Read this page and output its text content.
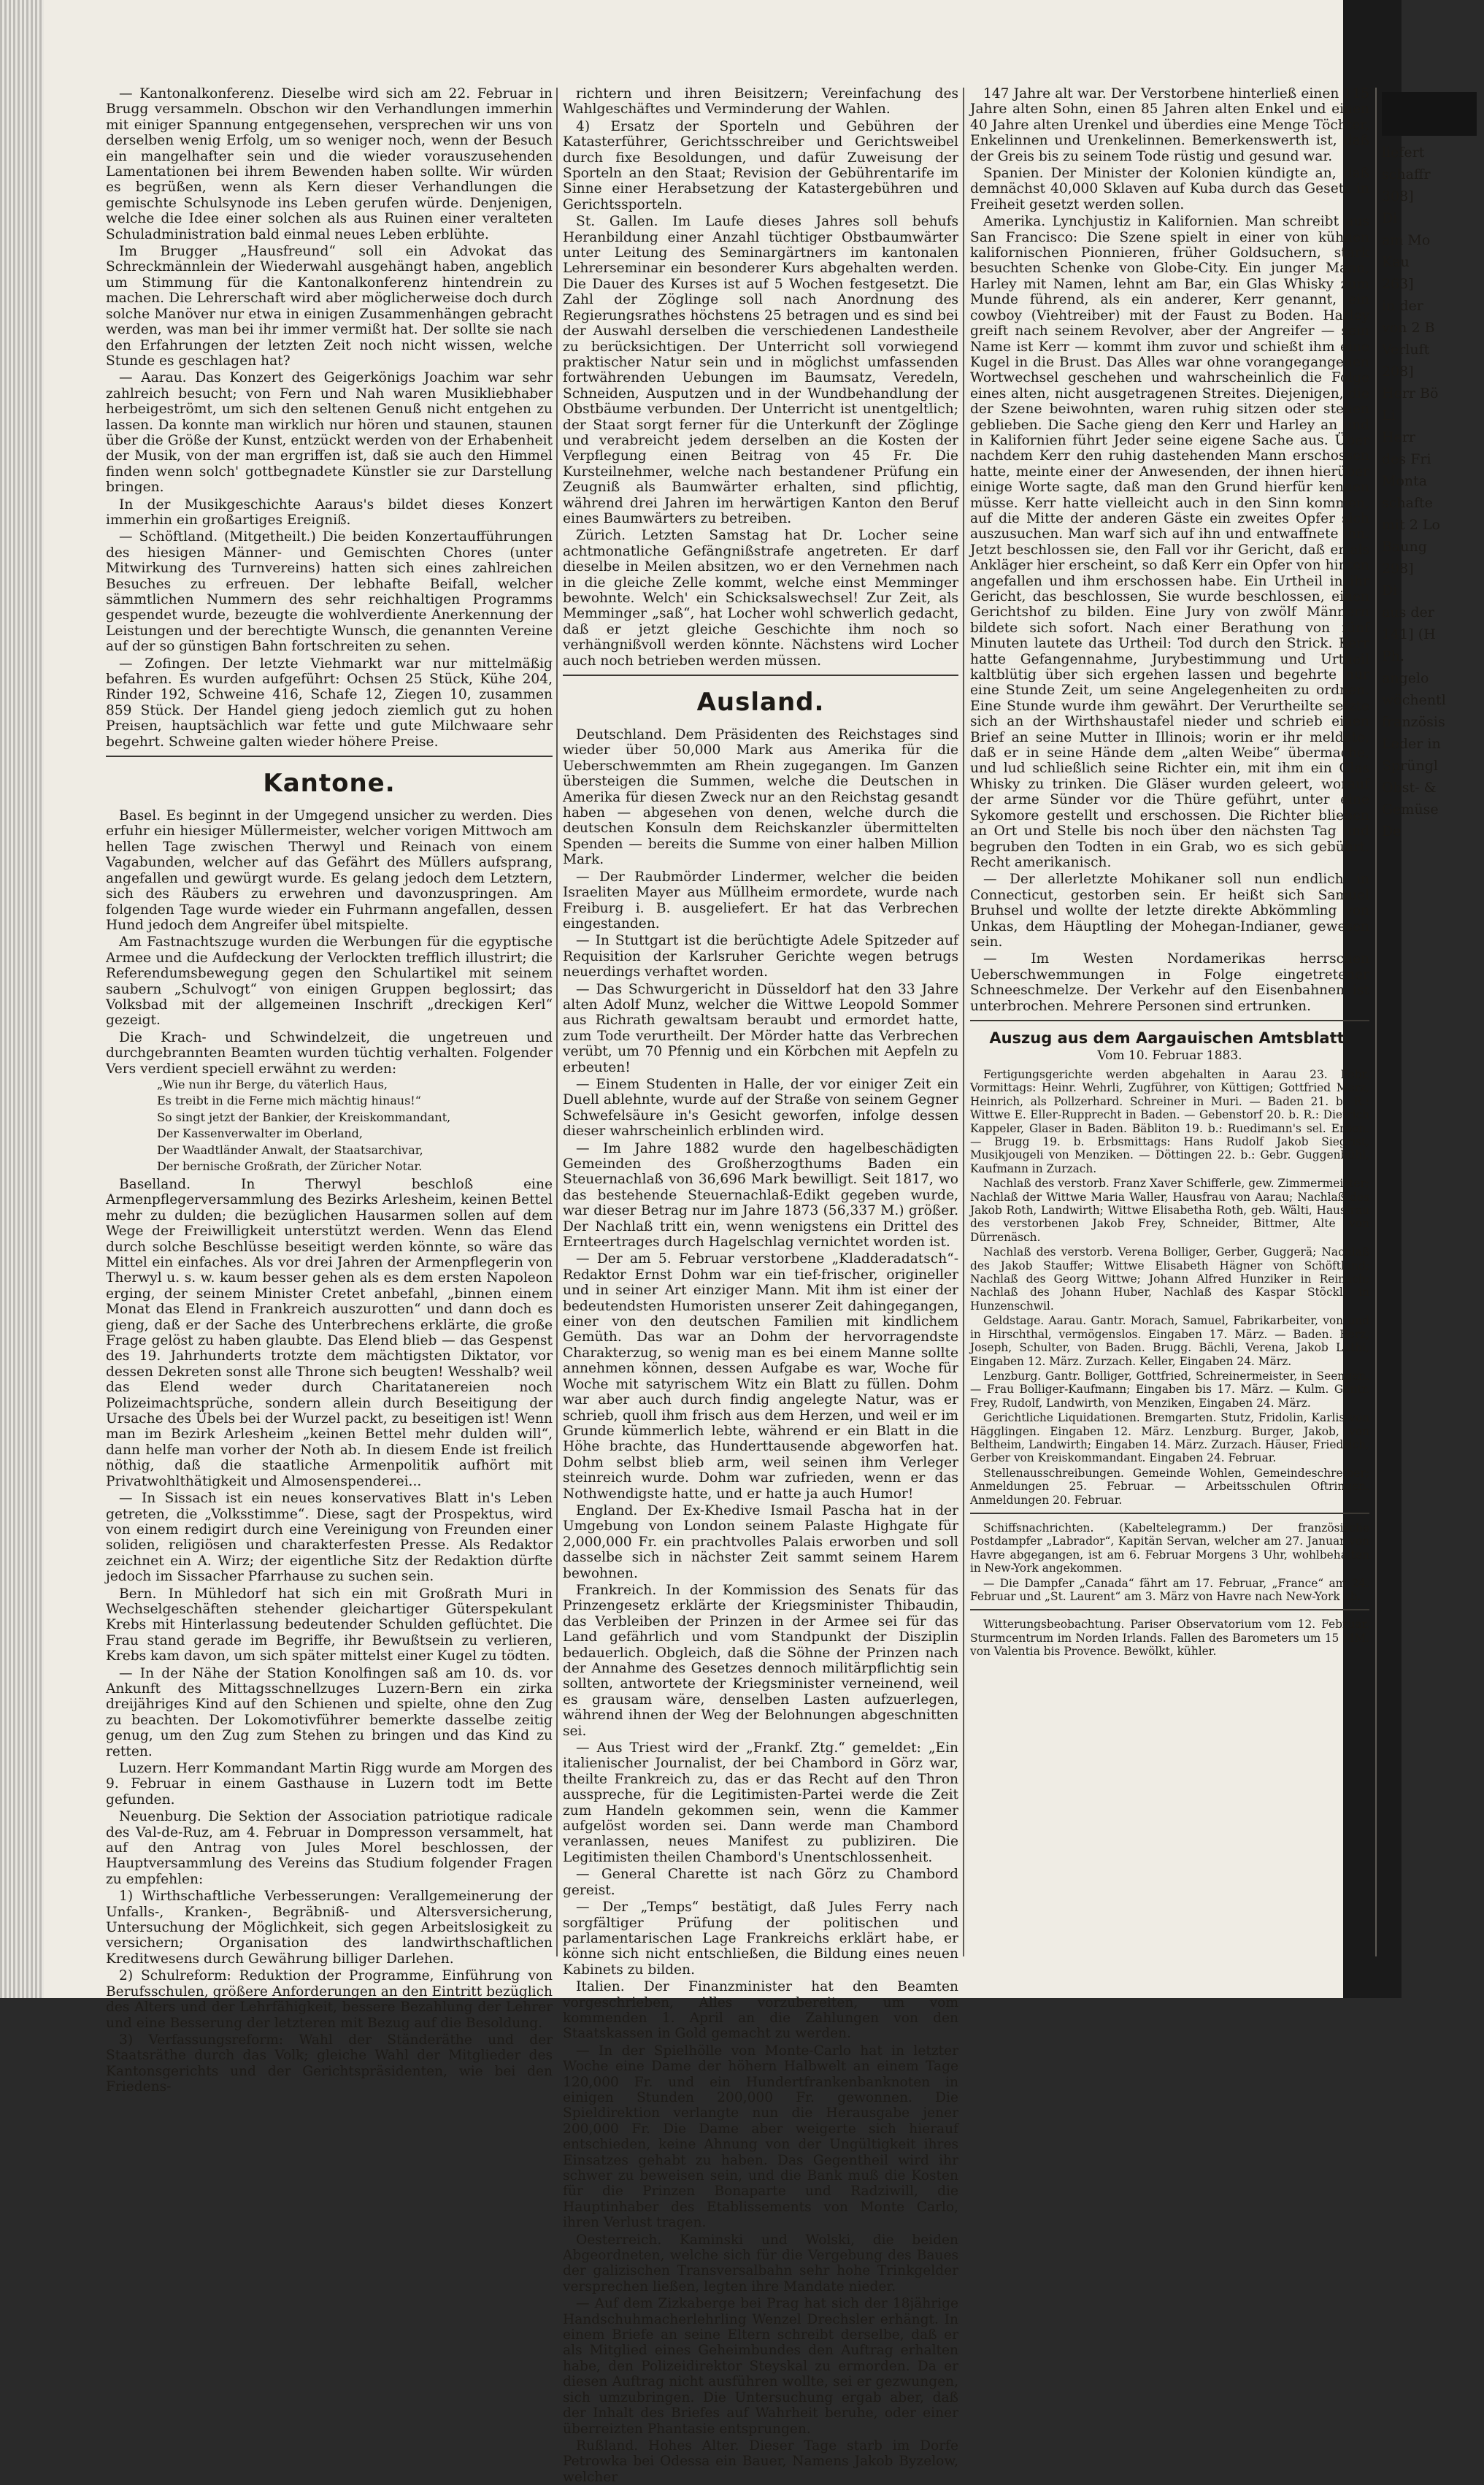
— Kantonalkonferenz. Dieselbe wird sich am 22. Februar in Brugg versammeln. Obschon wir den Verhandlungen immerhin mit einiger Spannung entgegensehen, versprechen wir uns von derselben wenig Erfolg, um so weniger noch, wenn der Besuch ein mangelhafter sein und die wieder vorauszusehenden Lamentationen bei ihrem Bewenden haben sollte. Wir würden es begrüßen, wenn als Kern dieser Verhandlungen die gemischte Schulsynode ins Leben gerufen würde. Denjenigen, welche die Idee einer solchen als aus Ruinen einer veralteten Schuladministration bald einmal neues Leben erblühte.

Im Brugger „Hausfreund“ soll ein Advokat das Schreckmännlein der Wiederwahl ausgehängt haben, angeblich um Stimmung für die Kantonalkonferenz hintendrein zu machen. Die Lehrerschaft wird aber möglicherweise doch durch solche Manöver nur etwa in einigen Zusammenhängen gebracht werden, was man bei ihr immer vermißt hat. Der sollte sie nach den Erfahrungen der letzten Zeit noch nicht wissen, welche Stunde es geschlagen hat?

— Aarau. Das Konzert des Geigerkönigs Joachim war sehr zahlreich besucht; von Fern und Nah waren Musikliebhaber herbeigeströmt, um sich den seltenen Genuß nicht entgehen zu lassen. Da konnte man wirklich nur hören und staunen, staunen über die Größe der Kunst, entzückt werden von der Erhabenheit der Musik, von der man ergriffen ist, daß sie auch den Himmel finden wenn solch' gottbegnadete Künstler sie zur Darstellung bringen.

In der Musikgeschichte Aaraus's bildet dieses Konzert immerhin ein großartiges Ereigniß.

— Schöftland. (Mitgetheilt.) Die beiden Konzertaufführungen des hiesigen Männer- und Gemischten Chores (unter Mitwirkung des Turnvereins) hatten sich eines zahlreichen Besuches zu erfreuen. Der lebhafte Beifall, welcher sämmtlichen Nummern des sehr reichhaltigen Programms gespendet wurde, bezeugte die wohlverdiente Anerkennung der Leistungen und der berechtigte Wunsch, die genannten Vereine auf der so günstigen Bahn fortschreiten zu sehen.

— Zofingen. Der letzte Viehmarkt war nur mittelmäßig befahren. Es wurden aufgeführt: Ochsen 25 Stück, Kühe 204, Rinder 192, Schweine 416, Schafe 12, Ziegen 10, zusammen 859 Stück. Der Handel gieng jedoch ziemlich gut zu hohen Preisen, hauptsächlich war fette und gute Milchwaare sehr begehrt. Schweine galten wieder höhere Preise.

Kantone.

Basel. Es beginnt in der Umgegend unsicher zu werden. Dies erfuhr ein hiesiger Müllermeister, welcher vorigen Mittwoch am hellen Tage zwischen Therwyl und Reinach von einem Vagabunden, welcher auf das Gefährt des Müllers aufsprang, angefallen und gewürgt wurde. Es gelang jedoch dem Letztern, sich des Räubers zu erwehren und davonzuspringen. Am folgenden Tage wurde wieder ein Fuhrmann angefallen, dessen Hund jedoch dem Angreifer übel mitspielte.

Am Fastnachtszuge wurden die Werbungen für die egyptische Armee und die Aufdeckung der Verlockten trefflich illustrirt; die Referendumsbewegung gegen den Schulartikel mit seinem saubern „Schulvogt“ von einigen Gruppen beglossirt; das Volksbad mit der allgemeinen Inschrift „dreckigen Kerl“ gezeigt.

Die Krach- und Schwindelzeit, die ungetreuen und durchgebrannten Beamten wurden tüchtig verhalten. Folgender Vers verdient speciell erwähnt zu werden:

„Wie nun ihr Berge, du väterlich Haus,
Es treibt in die Ferne mich mächtig hinaus!“
So singt jetzt der Bankier, der Kreiskommandant,
Der Kassenverwalter im Oberland,
Der Waadtländer Anwalt, der Staatsarchivar,
Der bernische Großrath, der Züricher Notar.

Baselland. In Therwyl beschloß eine Armenpflegerversammlung des Bezirks Arlesheim, keinen Bettel mehr zu dulden; die bezüglichen Hausarmen sollen auf dem Wege der Freiwilligkeit unterstützt werden. Wenn das Elend durch solche Beschlüsse beseitigt werden könnte, so wäre das Mittel ein einfaches. Als vor drei Jahren der Armenpflegerin von Therwyl u. s. w. kaum besser gehen als es dem ersten Napoleon erging, der seinem Minister Cretet anbefahl, „binnen einem Monat das Elend in Frankreich auszurotten“ und dann doch es gieng, daß er der Sache des Unterbrechens erklärte, die große Frage gelöst zu haben glaubte. Das Elend blieb — das Gespenst des 19. Jahrhunderts trotzte dem mächtigsten Diktator, vor dessen Dekreten sonst alle Throne sich beugten! Wesshalb? weil das Elend weder durch Charitatanereien noch Polizeimachtsprüche, sondern allein durch Beseitigung der Ursache des Übels bei der Wurzel packt, zu beseitigen ist! Wenn man im Bezirk Arlesheim „keinen Bettel mehr dulden will“, dann helfe man vorher der Noth ab. In diesem Ende ist freilich nöthig, daß die staatliche Armenpolitik aufhört mit Privatwohlthätigkeit und Almosenspenderei...

— In Sissach ist ein neues konservatives Blatt in's Leben getreten, die „Volksstimme“. Diese, sagt der Prospektus, wird von einem redigirt durch eine Vereinigung von Freunden einer soliden, religiösen und charakterfesten Presse. Als Redaktor zeichnet ein A. Wirz; der eigentliche Sitz der Redaktion dürfte jedoch im Sissacher Pfarrhause zu suchen sein.

Bern. In Mühledorf hat sich ein mit Großrath Muri in Wechselgeschäften stehender gleichartiger Güterspekulant Krebs mit Hinterlassung bedeutender Schulden geflüchtet. Die Frau stand gerade im Begriffe, ihr Bewußtsein zu verlieren, Krebs kam davon, um sich später mittelst einer Kugel zu tödten.

— In der Nähe der Station Konolfingen saß am 10. ds. vor Ankunft des Mittagsschnellzuges Luzern-Bern ein zirka dreijähriges Kind auf den Schienen und spielte, ohne den Zug zu beachten. Der Lokomotivführer bemerkte dasselbe zeitig genug, um den Zug zum Stehen zu bringen und das Kind zu retten.

Luzern. Herr Kommandant Martin Rigg wurde am Morgen des 9. Februar in einem Gasthause in Luzern todt im Bette gefunden.

Neuenburg. Die Sektion der Association patriotique radicale des Val-de-Ruz, am 4. Februar in Dompresson versammelt, hat auf den Antrag von Jules Morel beschlossen, der Hauptversammlung des Vereins das Studium folgender Fragen zu empfehlen:

1) Wirthschaftliche Verbesserungen: Verallgemeinerung der Unfalls-, Kranken-, Begräbniß- und Altersversicherung, Untersuchung der Möglichkeit, sich gegen Arbeitslosigkeit zu versichern; Organisation des landwirthschaftlichen Kreditwesens durch Gewährung billiger Darlehen.

2) Schulreform: Reduktion der Programme, Einführung von Berufsschulen, größere Anforderungen an den Eintritt bezüglich des Alters und der Lehrfähigkeit, bessere Bezahlung der Lehrer und eine Besserung der letzteren mit Bezug auf die Besoldung.

3) Verfassungsreform: Wahl der Ständeräthe und der Staatsräthe durch das Volk; gleiche Wahl der Mitglieder des Kantonsgerichts und der Gerichtspräsidenten, wie bei den Friedens-

richtern und ihren Beisitzern; Vereinfachung des Wahlgeschäftes und Verminderung der Wahlen.

4) Ersatz der Sporteln und Gebühren der Katasterführer, Gerichtsschreiber und Gerichtsweibel durch fixe Besoldungen, und dafür Zuweisung der Sporteln an den Staat; Revision der Gebührentarife im Sinne einer Herabsetzung der Katastergebühren und Gerichtssporteln.

St. Gallen. Im Laufe dieses Jahres soll behufs Heranbildung einer Anzahl tüchtiger Obstbaumwärter unter Leitung des Seminargärtners im kantonalen Lehrerseminar ein besonderer Kurs abgehalten werden. Die Dauer des Kurses ist auf 5 Wochen festgesetzt. Die Zahl der Zöglinge soll nach Anordnung des Regierungsrathes höchstens 25 betragen und es sind bei der Auswahl derselben die verschiedenen Landestheile zu berücksichtigen. Der Unterricht soll vorwiegend praktischer Natur sein und in möglichst umfassenden fortwährenden Uebungen im Baumsatz, Veredeln, Schneiden, Ausputzen und in der Wundbehandlung der Obstbäume verbunden. Der Unterricht ist unentgeltlich; der Staat sorgt ferner für die Unterkunft der Zöglinge und verabreicht jedem derselben an die Kosten der Verpflegung einen Beitrag von 45 Fr. Die Kursteilnehmer, welche nach bestandener Prüfung ein Zeugniß als Baumwärter erhalten, sind pflichtig, während drei Jahren im herwärtigen Kanton den Beruf eines Baumwärters zu betreiben.

Zürich. Letzten Samstag hat Dr. Locher seine achtmonatliche Gefängnißstrafe angetreten. Er darf dieselbe in Meilen absitzen, wo er den Vernehmen nach in die gleiche Zelle kommt, welche einst Memminger bewohnte. Welch' ein Schicksalswechsel! Zur Zeit, als Memminger „saß“, hat Locher wohl schwerlich gedacht, daß er jetzt gleiche Geschichte ihm noch so verhängnißvoll werden könnte. Nächstens wird Locher auch noch betrieben werden müssen.

Ausland.

Deutschland. Dem Präsidenten des Reichstages sind wieder über 50,000 Mark aus Amerika für die Ueberschwemmten am Rhein zugegangen. Im Ganzen übersteigen die Summen, welche die Deutschen in Amerika für diesen Zweck nur an den Reichstag gesandt haben — abgesehen von denen, welche durch die deutschen Konsuln dem Reichskanzler übermittelten Spenden — bereits die Summe von einer halben Million Mark.

— Der Raubmörder Lindermer, welcher die beiden Israeliten Mayer aus Müllheim ermordete, wurde nach Freiburg i. B. ausgeliefert. Er hat das Verbrechen eingestanden.

— In Stuttgart ist die berüchtigte Adele Spitzeder auf Requisition der Karlsruher Gerichte wegen betrugs neuerdings verhaftet worden.

— Das Schwurgericht in Düsseldorf hat den 33 Jahre alten Adolf Munz, welcher die Wittwe Leopold Sommer aus Richrath gewaltsam beraubt und ermordet hatte, zum Tode verurtheilt. Der Mörder hatte das Verbrechen verübt, um 70 Pfennig und ein Körbchen mit Aepfeln zu erbeuten!

— Einem Studenten in Halle, der vor einiger Zeit ein Duell ablehnte, wurde auf der Straße von seinem Gegner Schwefelsäure in's Gesicht geworfen, infolge dessen dieser wahrscheinlich erblinden wird.

— Im Jahre 1882 wurde den hagelbeschädigten Gemeinden des Großherzogthums Baden ein Steuernachlaß von 36,696 Mark bewilligt. Seit 1817, wo das bestehende Steuernachlaß-Edikt gegeben wurde, war dieser Betrag nur im Jahre 1873 (56,337 M.) größer. Der Nachlaß tritt ein, wenn wenigstens ein Drittel des Ernteertrages durch Hagelschlag vernichtet worden ist.

— Der am 5. Februar verstorbene „Kladderadatsch“-Redaktor Ernst Dohm war ein tief-frischer, origineller und in seiner Art einziger Mann. Mit ihm ist einer der bedeutendsten Humoristen unserer Zeit dahingegangen, einer von den deutschen Familien mit kindlichem Gemüth. Das war an Dohm der hervorragendste Charakterzug, so wenig man es bei einem Manne sollte annehmen können, dessen Aufgabe es war, Woche für Woche mit satyrischem Witz ein Blatt zu füllen. Dohm war aber auch durch findig angelegte Natur, was er schrieb, quoll ihm frisch aus dem Herzen, und weil er im Grunde kümmerlich lebte, während er ein Blatt in die Höhe brachte, das Hunderttausende abgeworfen hat. Dohm selbst blieb arm, weil seinen ihm Verleger steinreich wurde. Dohm war zufrieden, wenn er das Nothwendigste hatte, und er hatte ja auch Humor!

England. Der Ex-Khedive Ismail Pascha hat in der Umgebung von London seinem Palaste Highgate für 2,000,000 Fr. ein prachtvolles Palais erworben und soll dasselbe sich in nächster Zeit sammt seinem Harem bewohnen.

Frankreich. In der Kommission des Senats für das Prinzengesetz erklärte der Kriegsminister Thibaudin, das Verbleiben der Prinzen in der Armee sei für das Land gefährlich und vom Standpunkt der Disziplin bedauerlich. Obgleich, daß die Söhne der Prinzen nach der Annahme des Gesetzes dennoch militärpflichtig sein sollten, antwortete der Kriegsminister verneinend, weil es grausam wäre, denselben Lasten aufzuerlegen, während ihnen der Weg der Belohnungen abgeschnitten sei.

— Aus Triest wird der „Frankf. Ztg.“ gemeldet: „Ein italienischer Journalist, der bei Chambord in Görz war, theilte Frankreich zu, das er das Recht auf den Thron ausspreche, für die Legitimisten-Partei werde die Zeit zum Handeln gekommen sein, wenn die Kammer aufgelöst worden sei. Dann werde man Chambord veranlassen, neues Manifest zu publiziren. Die Legitimisten theilen Chambord's Unentschlossenheit.

— General Charette ist nach Görz zu Chambord gereist.

— Der „Temps“ bestätigt, daß Jules Ferry nach sorgfältiger Prüfung der politischen und parlamentarischen Lage Frankreichs erklärt habe, er könne sich nicht entschließen, die Bildung eines neuen Kabinets zu bilden.

Italien. Der Finanzminister hat den Beamten vorgeschrieben, Alles vorzubereiten, um vom kommenden 1. April an die Zahlungen von den Staatskassen in Gold gemacht zu werden.

— In der Spielhölle von Monte-Carlo hat in letzter Woche eine Dame der höhern Halbwelt an einem Tage 120,000 Fr. und ein Hundertfrankenbanknoten in einigen Stunden 200,000 Fr. gewonnen. Die Spieldirektion verlangte nun die Herausgabe jener 200,000 Fr. Die Dame aber weigerte sich hierauf entschieden, keine Ahnung von der Ungültigkeit ihres Einsatzes gehabt zu haben. Das Gegentheil wird ihr schwer zu beweisen sein, und die Bank muß die Kosten für die Prinzen Bonaparte und Radziwill, die Hauptinhaber des Etablissements von Monte Carlo, ihren Verlust tragen.

Oesterreich. Kaminski und Wolski, die beiden Abgeordneten, welche sich für die Vergebung des Baues der galizischen Transversalbahn sehr hohe Trinkgelder versprechen ließen, legten ihre Mandate nieder.

— Auf dem Zizkaberge bei Prag hat sich der 18jährige Handschuhmacherlehrling Wenzel Drechsler erhängt. In einem Briefe an seine Eltern schreibt derselbe, daß er als Mitglied eines Geheimbundes den Auftrag erhalten habe, den Polizeidirektor Steyskal zu ermorden. Da er diesen Auftrag nicht ausführen wollte, sei er gezwungen, sich umzubringen. Die Untersuchung ergab aber, daß der Inhalt des Briefes auf Wahrheit beruhe, oder einer überreizten Phantasie entsprungen.

Rußland. Hohes Alter. Dieser Tage starb im Dorfe Petrowka bei Odessa ein Bauer, Namens Jakob Byzelow, welcher

147 Jahre alt war. Der Verstorbene hinterließ einen 115 Jahre alten Sohn, einen 85 Jahren alten Enkel und einen 40 Jahre alten Urenkel und überdies eine Menge Töchter, Enkelinnen und Urenkelinnen. Bemerkenswerth ist, daß der Greis bis zu seinem Tode rüstig und gesund war.

Spanien. Der Minister der Kolonien kündigte an, daß demnächst 40,000 Sklaven auf Kuba durch das Gesetz in Freiheit gesetzt werden sollen.

Amerika. Lynchjustiz in Kalifornien. Man schreibt aus San Francisco: Die Szene spielt in einer von kühnen kalifornischen Pionnieren, früher Goldsuchern, stark besuchten Schenke von Globe-City. Ein junger Mann, Harley mit Namen, lehnt am Bar, ein Glas Whisky zum Munde führend, als ein anderer, Kerr genannt, ein cowboy (Viehtreiber) mit der Faust zu Boden. Harley greift nach seinem Revolver, aber der Angreifer — sein Name ist Kerr — kommt ihm zuvor und schießt ihm eine Kugel in die Brust. Das Alles war ohne vorangegangenen Wortwechsel geschehen und wahrscheinlich die Folge eines alten, nicht ausgetragenen Streites. Diejenigen, die der Szene beiwohnten, waren ruhig sitzen oder stehen geblieben. Die Sache gieng den Kerr und Harley an und in Kalifornien führt Jeder seine eigene Sache aus. Über nachdem Kerr den ruhig dastehenden Mann erschossen hatte, meinte einer der Anwesenden, der ihnen hierüber einige Worte sagte, daß man den Grund hierfür kennen müsse. Kerr hatte vielleicht auch in den Sinn kommen, auf die Mitte der anderen Gäste ein zweites Opfer sich auszusuchen. Man warf sich auf ihn und entwaffnete ihn. Jetzt beschlossen sie, den Fall vor ihr Gericht, daß er als Ankläger hier erscheint, so daß Kerr ein Opfer von hinten angefallen und ihm erschossen habe. Ein Urtheil in ihr Gericht, das beschlossen, Sie wurde beschlossen, einen Gerichtshof zu bilden. Eine Jury von zwölf Männern bildete sich sofort. Nach einer Berathung von fünf Minuten lautete das Urtheil: Tod durch den Strick. Kerr hatte Gefangennahme, Jurybestimmung und Urtheil kaltblütig über sich ergehen lassen und begehrte nur eine Stunde Zeit, um seine Angelegenheiten zu ordnen. Eine Stunde wurde ihm gewährt. Der Verurtheilte setzte sich an der Wirthshaustafel nieder und schrieb einen Brief an seine Mutter in Illinois; worin er ihr meldete, daß er in seine Hände dem „alten Weibe“ übermache, und lud schließlich seine Richter ein, mit ihm ein Glas Whisky zu trinken. Die Gläser wurden geleert, worauf der arme Sünder vor die Thüre geführt, unter eine Sykomore gestellt und erschossen. Die Richter blieben an Ort und Stelle bis noch über den nächsten Tag und begruben den Todten in ein Grab, wo es sich gebührt. Recht amerikanisch.

— Der allerletzte Mohikaner soll nun endlich in Connecticut, gestorben sein. Er heißt sich Samuel Bruhsel und wollte der letzte direkte Abkömmling von Unkas, dem Häuptling der Mohegan-Indianer, gewesen sein.

— Im Westen Nordamerikas herrschen Ueberschwemmungen in Folge eingetretener Schneeschmelze. Der Verkehr auf den Eisenbahnen ist unterbrochen. Mehrere Personen sind ertrunken.

Auszug aus dem Aargauischen Amtsblatt.
Vom 10. Februar 1883.

Fertigungsgerichte werden abgehalten in Aarau 23. Febr. Vormittags: Heinr. Wehrli, Zugführer, von Küttigen; Gottfried Merz, Heinrich, als Pollzerhard. Schreiner in Muri. — Baden 21. b. R.: Wittwe E. Eller-Rupprecht in Baden. — Gebenstorf 20. b. R.: Dietrich Kappeler, Glaser in Baden. Bäbliton 19. b.: Ruedimann's sel. Erben. — Brugg 19. b. Erbsmittags: Hans Rudolf Jakob Siegrist, Musikjougeli von Menziken. — Döttingen 22. b.: Gebr. Guggenbühl, Kaufmann in Zurzach.

Nachlaß des verstorb. Franz Xaver Schifferle, gew. Zimmermeister; Nachlaß der Wittwe Maria Waller, Hausfrau von Aarau; Nachlaß des Jakob Roth, Landwirth; Wittwe Elisabetha Roth, geb. Wälti, Hausfrau des verstorbenen Jakob Frey, Schneider, Bittmer, Alte von Dürrenäsch.

Nachlaß des verstorb. Verena Bolliger, Gerber, Guggerä; Nachlaß des Jakob Stauffer; Wittwe Elisabeth Hägner von Schöftland; Nachlaß des Georg Wittwe; Johann Alfred Hunziker in Reinach; Nachlaß des Johann Huber, Nachlaß des Kaspar Stöckli in Hunzenschwil.

Geldstage. Aarau. Gantr. Morach, Samuel, Fabrikarbeiter, von und in Hirschthal, vermögenslos. Eingaben 17. März. — Baden. Berz, Joseph, Schulter, von Baden. Brugg. Bächli, Verena, Jakob Lüthi, Eingaben 12. März. Zurzach. Keller, Eingaben 24. März.

Lenzburg. Gantr. Bolliger, Gottfried, Schreinermeister, in Seengen. — Frau Bolliger-Kaufmann; Eingaben bis 17. März. — Kulm. Gantr. Frey, Rudolf, Landwirth, von Menziken, Eingaben 24. März.

Gerichtliche Liquidationen. Bremgarten. Stutz, Fridolin, Karlis von Hägglingen. Eingaben 12. März. Lenzburg. Burger, Jakob, von Beltheim, Landwirth; Eingaben 14. März. Zurzach. Häuser, Friedrich, Gerber von Kreiskommandant. Eingaben 24. Februar.

Stellenausschreibungen. Gemeinde Wohlen, Gemeindeschreiber; Anmeldungen 25. Februar. — Arbeitsschulen Oftringen. Anmeldungen 20. Februar.

Schiffsnachrichten. (Kabeltelegramm.) Der französische Postdampfer „Labrador“, Kapitän Servan, welcher am 27. Januar von Havre abgegangen, ist am 6. Februar Morgens 3 Uhr, wohlbehalten in New-York angekommen.

— Die Dampfer „Canada“ fährt am 17. Februar, „France“ am 24. Februar und „St. Laurent“ am 3. März von Havre nach New-York ab.

Witterungsbeobachtung. Pariser Observatorium vom 12. Februar. Sturmcentrum im Norden Irlands. Fallen des Barometers um 15 MM. von Valentia bis Provence. Bewölkt, kühler.

liefert
schaffr
308]
Di
am Mo
Kau
263]
in der
von 2 B
Verluft
208]
Herr Bö
Li
Herr
des Fri
Monta
schafte
mit 2 Lo
Baung
298]
Di
aus der
141] (H
Ph.
angelo
wöchentl
französis
Leder in
Sprüngl
Obst- &
Gemüse
De
